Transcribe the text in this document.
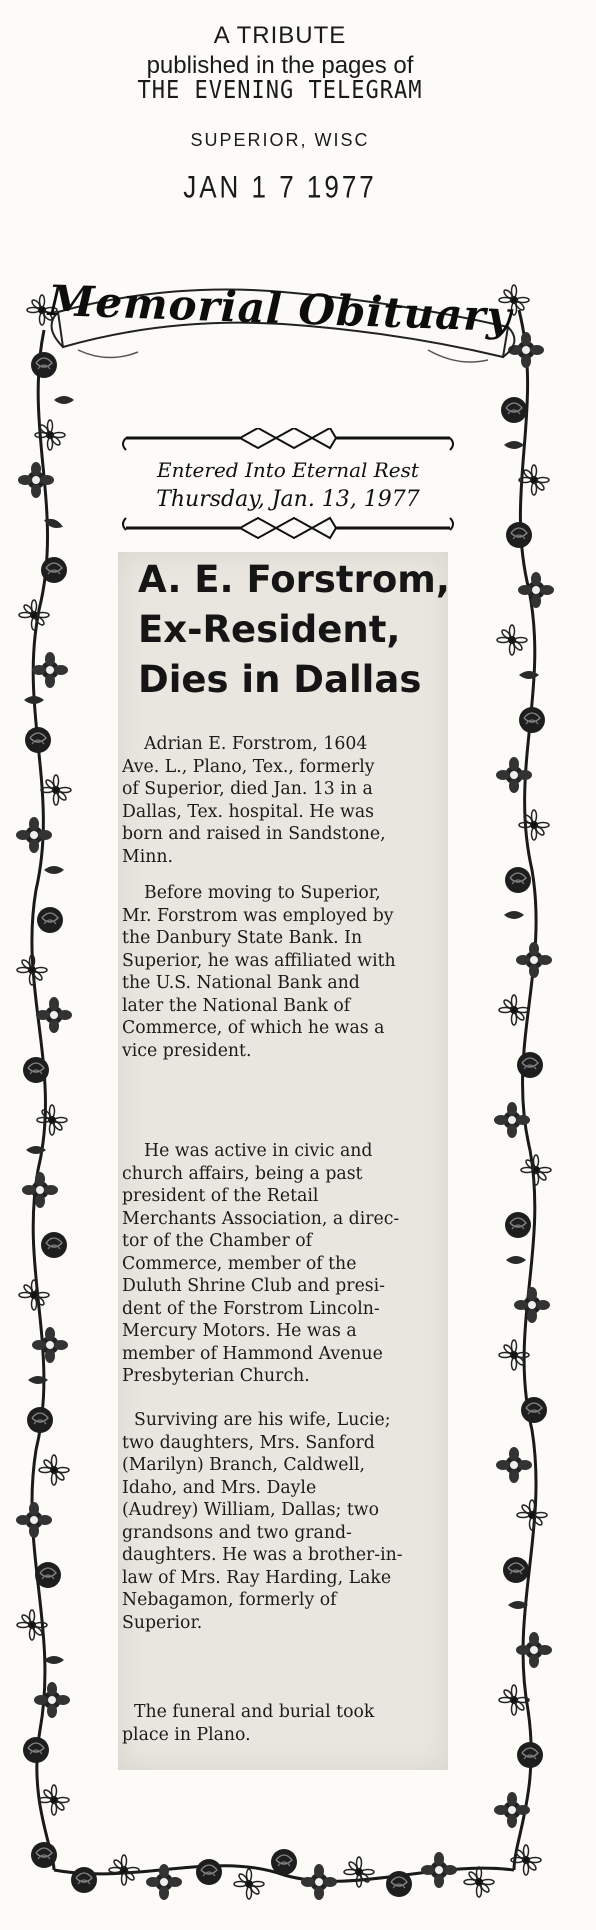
A TRIBUTE
published in the pages of
THE EVENING TELEGRAM
SUPERIOR, WISC
JAN 1 7 1977
Memorial Obituary
Entered Into Eternal Rest
Thursday, Jan. 13, 1977
A. E. Forstrom,
Ex-Resident,
Dies in Dallas
Adrian E. Forstrom, 1604
Ave. L., Plano, Tex., formerly
of Superior, died Jan. 13 in a
Dallas, Tex. hospital. He was
born and raised in Sandstone,
Minn.
Before moving to Superior,
Mr. Forstrom was employed by
the Danbury State Bank. In
Superior, he was affiliated with
the U.S. National Bank and
later the National Bank of
Commerce, of which he was a
vice president.
He was active in civic and
church affairs, being a past
president of the Retail
Merchants Association, a direc-
tor of the Chamber of
Commerce, member of the
Duluth Shrine Club and presi-
dent of the Forstrom Lincoln-
Mercury Motors. He was a
member of Hammond Avenue
Presbyterian Church.
Surviving are his wife, Lucie;
two daughters, Mrs. Sanford
(Marilyn) Branch, Caldwell,
Idaho, and Mrs. Dayle
(Audrey) William, Dallas; two
grandsons and two grand-
daughters. He was a brother-in-
law of Mrs. Ray Harding, Lake
Nebagamon, formerly of
Superior.
The funeral and burial took
place in Plano.
